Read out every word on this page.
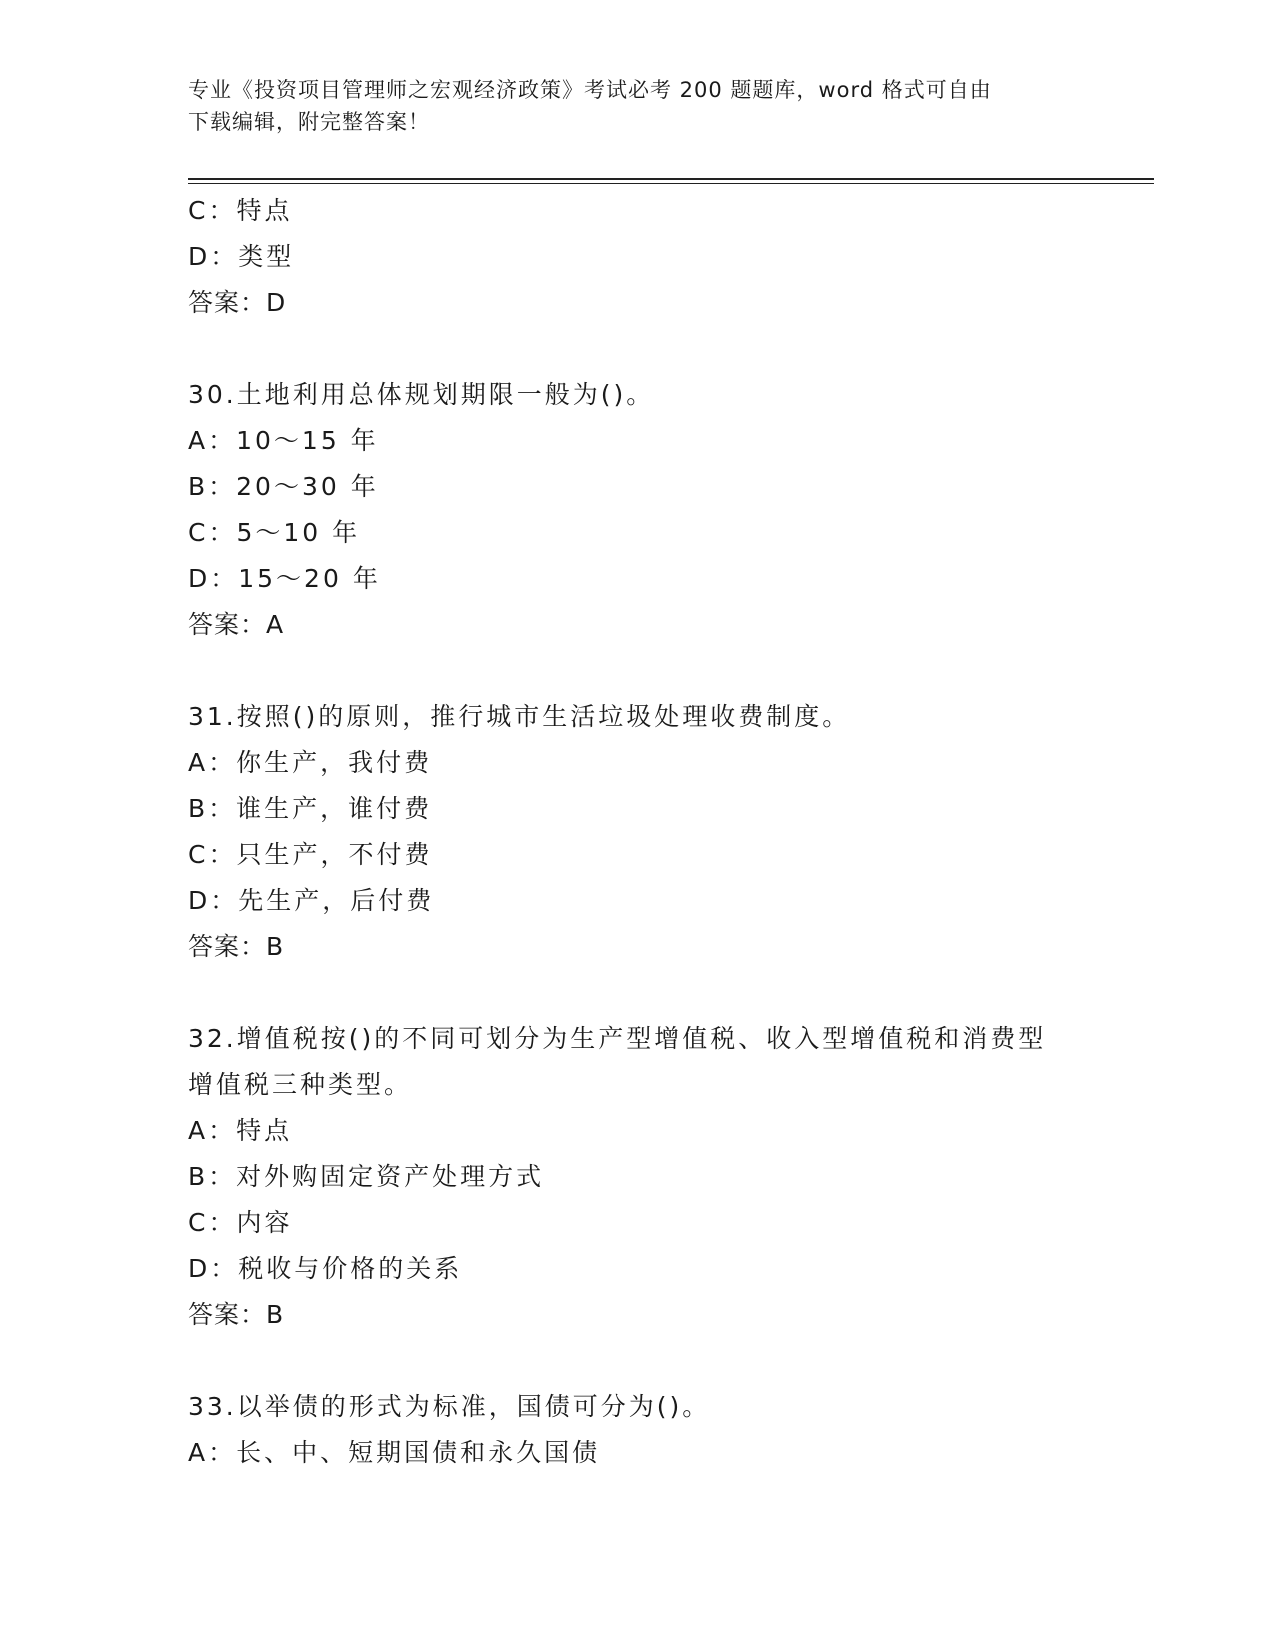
专业《投资项目管理师之宏观经济政策》考试必考 200 题题库，word 格式可自由
下载编辑，附完整答案！
C：特点
D：类型
答案：D
30.土地利用总体规划期限一般为()。
A：10～15 年
B：20～30 年
C：5～10 年
D：15～20 年
答案：A
31.按照()的原则，推行城市生活垃圾处理收费制度。
A：你生产，我付费
B：谁生产，谁付费
C：只生产，不付费
D：先生产，后付费
答案：B
32.增值税按()的不同可划分为生产型增值税、收入型增值税和消费型
增值税三种类型。
A：特点
B：对外购固定资产处理方式
C：内容
D：税收与价格的关系
答案：B
33.以举债的形式为标准，国债可分为()。
A：长、中、短期国债和永久国债
